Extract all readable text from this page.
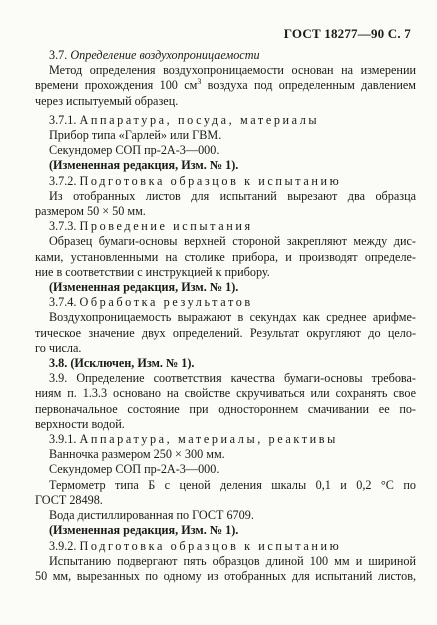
ГОСТ 18277—90 С. 7
3.7. Определение воздухопроницаемости
Метод определения воздухопроницаемости основан на измерении
времени прохождения 100 $см^3$ воздуха под определенным давлением
через испытуемый образец.
3.7.1. Аппаратура, посуда, материалы
Прибор типа «Гарлей» или ГВМ.
Секундомер СОП пр-2А-3—000.
(Измененная редакция, Изм. № 1).
3.7.2. Подготовка образцов к испытанию
Из отобранных листов для испытаний вырезают два образца
размером 50 × 50 мм.
3.7.3. Проведение испытания
Образец бумаги-основы верхней стороной закрепляют между дис-
ками, установленными на столике прибора, и производят определе-
ние в соответствии с инструкцией к прибору.
(Измененная редакция, Изм. № 1).
3.7.4. Обработка результатов
Воздухопроницаемость выражают в секундах как среднее арифме-
тическое значение двух определений. Результат округляют до цело-
го числа.
3.8. (Исключен, Изм. № 1).
3.9. Определение соответствия качества бумаги-основы требова-
ниям п. 1.3.3 основано на свойстве скручиваться или сохранять свое
первоначальное состояние при одностороннем смачивании ее по-
верхности водой.
3.9.1. Аппаратура, материалы, реактивы
Ванночка размером 250 × 300 мм.
Секундомер СОП пр-2А-3—000.
Термометр типа Б с ценой деления шкалы 0,1 и 0,2 °С по
ГОСТ 28498.
Вода дистиллированная по ГОСТ 6709.
(Измененная редакция, Изм. № 1).
3.9.2. Подготовка образцов к испытанию
Испытанию подвергают пять образцов длиной 100 мм и шириной
50 мм, вырезанных по одному из отобранных для испытаний листов,
